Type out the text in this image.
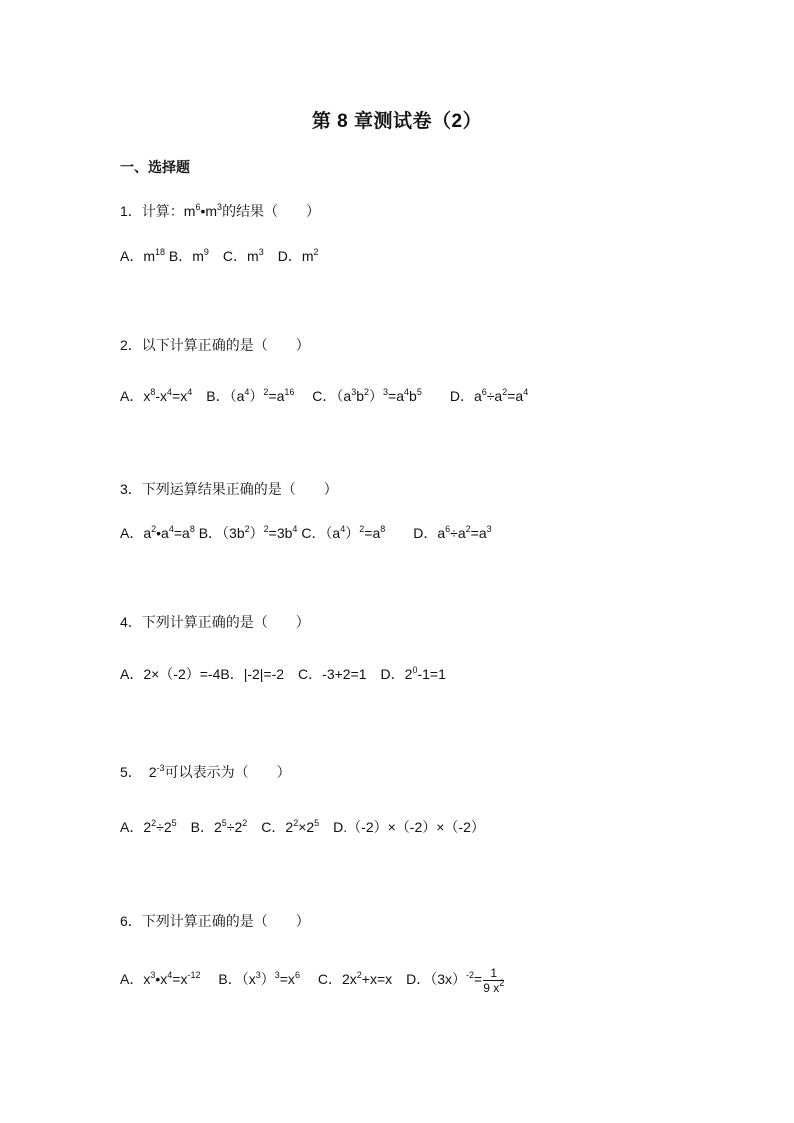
第 8 章测试卷（2）
一、选择题
1．计算：$m^6•m^3$的结果（　　）
A．$m^{18}$ B．$m^9$　C．$m^3$　D．$m^2$
2．以下计算正确的是（　　）
A．$x^8-x^4=x^4$　B．$(a^4)^2=a^{16}$　 C．$(a^3b^2)^3=a^4b^5$　　D．$a^6\div a^2=a^4$
3．下列运算结果正确的是（　　）
A．$a^2•a^4=a^8$ B．$(3b^2)^2=3b^4$ C．$(a^4)^2=a^8$　　D．$a^6\div a^2=a^3$
4．下列计算正确的是（　　）
A．2×（-2）=-4B．|-2|=-2　C．-3+2=1　D．$2^0-1=1$
5．　$2^{-3}$可以表示为（　　）
A．$2^2\div 2^5$　B．$2^5\div 2^2$　C．$2^2\times 2^5$　D.（-2）×（-2）×（-2）
6．下列计算正确的是（　　）
A．$x^3•x^4=x^{-12}$　 B．$(x^3)^3=x^6$　 C．$2x^2+x=x$　D．$(3x)^{-2}= \frac{1}{9 x^2}$
